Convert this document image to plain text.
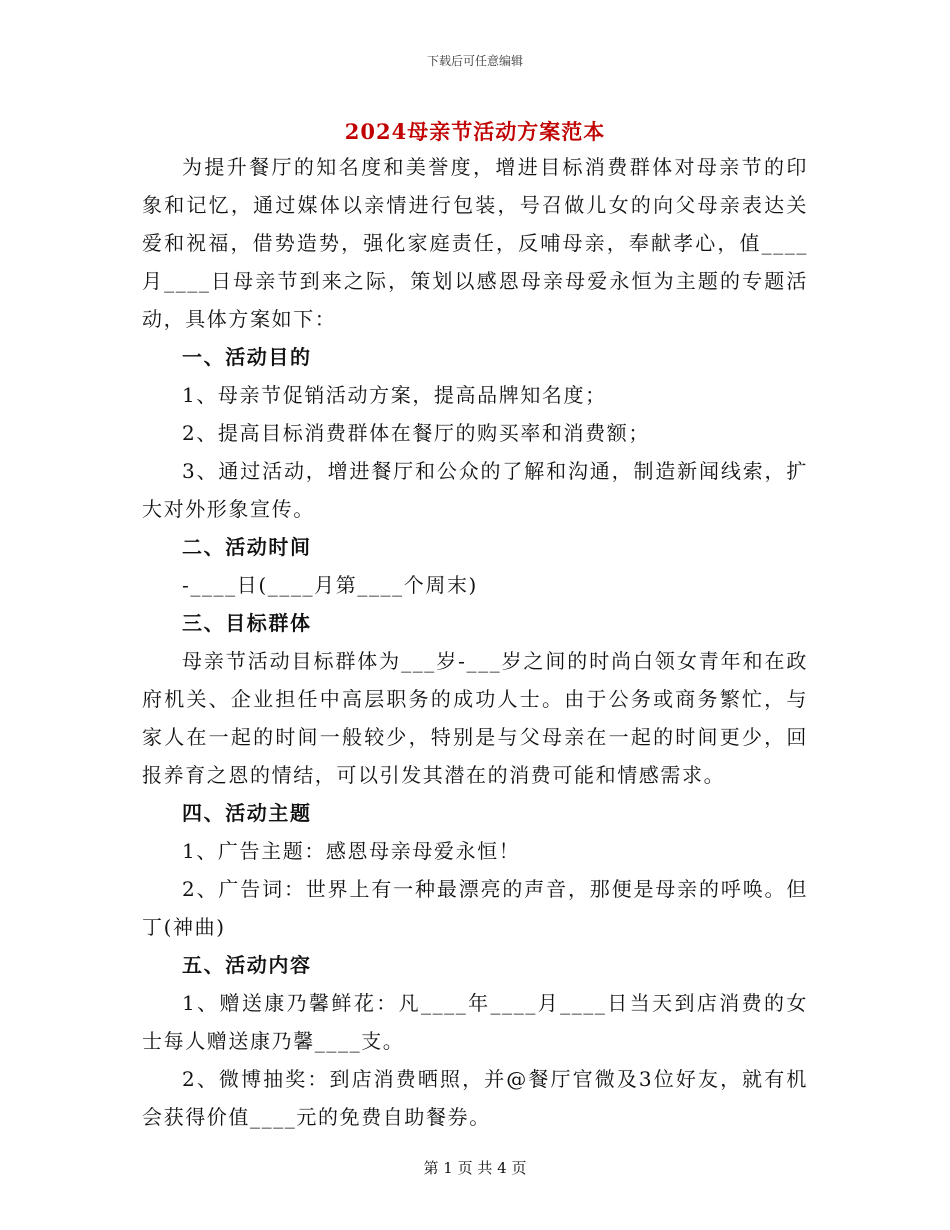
下载后可任意编辑
2024母亲节活动方案范本

为提升餐厅的知名度和美誉度，增进目标消费群体对母亲节的印象和记忆，通过媒体以亲情进行包装，号召做儿女的向父母亲表达关爱和祝福，借势造势，强化家庭责任，反哺母亲，奉献孝心，值____月____日母亲节到来之际，策划以感恩母亲母爱永恒为主题的专题活动，具体方案如下：

一、活动目的

1、母亲节促销活动方案，提高品牌知名度；

2、提高目标消费群体在餐厅的购买率和消费额；

3、通过活动，增进餐厅和公众的了解和沟通，制造新闻线索，扩大对外形象宣传。

二、活动时间

-____日(____月第____个周末)

三、目标群体

母亲节活动目标群体为___岁-___岁之间的时尚白领女青年和在政府机关、企业担任中高层职务的成功人士。由于公务或商务繁忙，与家人在一起的时间一般较少，特别是与父母亲在一起的时间更少，回报养育之恩的情结，可以引发其潜在的消费可能和情感需求。

四、活动主题

1、广告主题：感恩母亲母爱永恒！

2、广告词：世界上有一种最漂亮的声音，那便是母亲的呼唤。但丁(神曲)

五、活动内容

1、赠送康乃馨鲜花：凡____年____月____日当天到店消费的女士每人赠送康乃馨____支。

2、微博抽奖：到店消费晒照，并@餐厅官微及3位好友，就有机会获得价值____元的免费自助餐券。

第 1 页 共 4 页
